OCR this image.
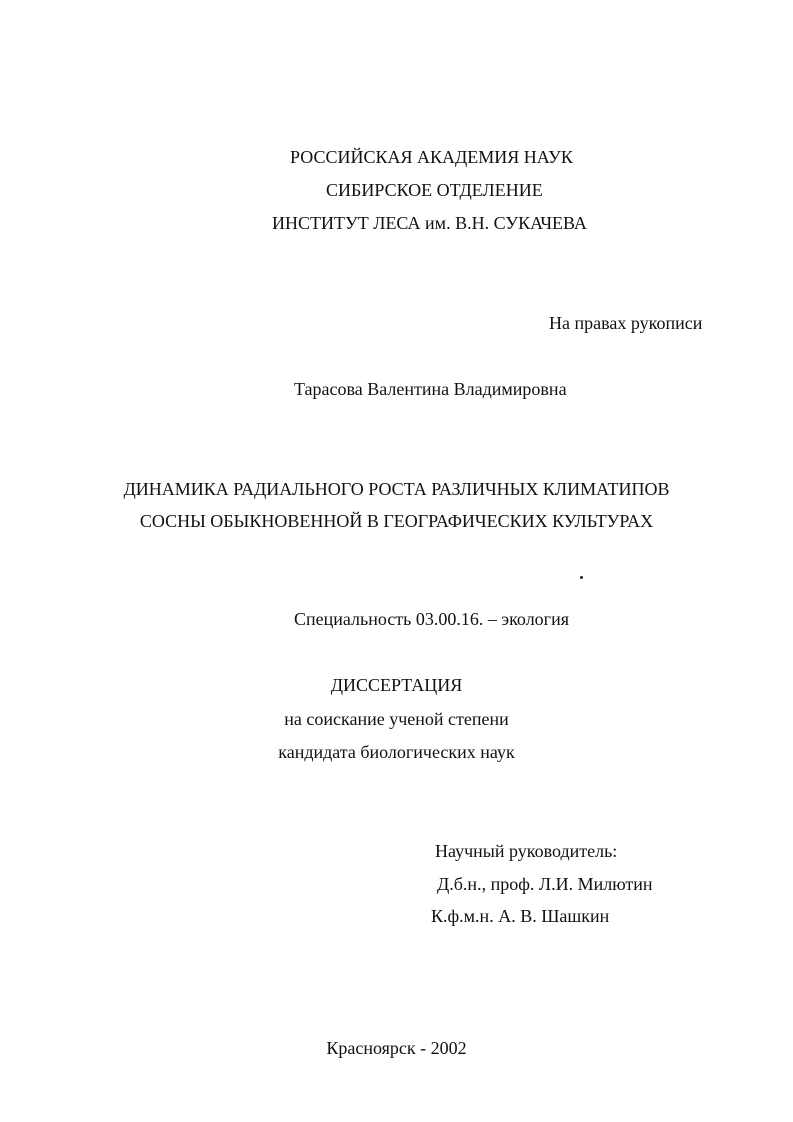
РОССИЙСКАЯ АКАДЕМИЯ НАУК
СИБИРСКОЕ ОТДЕЛЕНИЕ
ИНСТИТУТ ЛЕСА им. В.Н. СУКАЧЕВА
На правах рукописи
Тарасова Валентина Владимировна
ДИНАМИКА РАДИАЛЬНОГО РОСТА РАЗЛИЧНЫХ КЛИМАТИПОВ
СОСНЫ ОБЫКНОВЕННОЙ В ГЕОГРАФИЧЕСКИХ КУЛЬТУРАХ
Специальность 03.00.16. – экология
ДИССЕРТАЦИЯ
на соискание ученой степени
кандидата биологических наук
Научный руководитель:
Д.б.н., проф. Л.И. Милютин
К.ф.м.н. А. В. Шашкин
Красноярск - 2002
